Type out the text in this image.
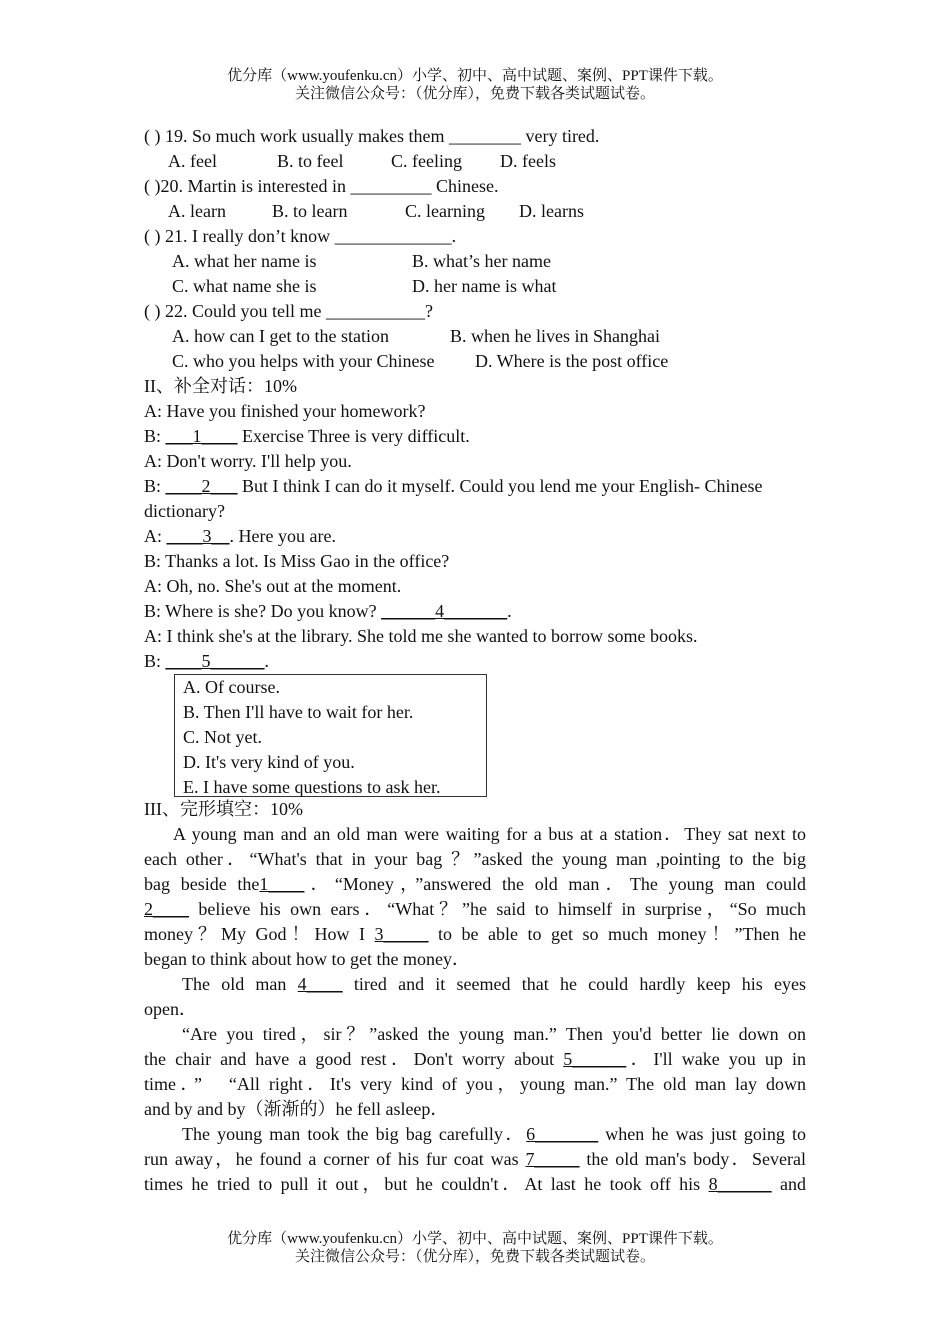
优分库（www.youfenku.cn）小学、初中、高中试题、案例、PPT课件下载。
关注微信公众号：（优分库），免费下载各类试题试卷。
( ) 19. So much work usually makes them ________ very tired.
A. feel	B. to feel	C. feeling D. feels
( )20. Martin is interested in _________ Chinese.
A. learn	B. to learn	C. learning D. learns
( ) 21. I really don’t know _____________.
A. what her name is	B. what’s her name
C. what name she is	D. her name is what
( ) 22. Could you tell me ___________?
A. how can I get to the station	B. when he lives in Shanghai
C. who you helps with your Chinese D. Where is the post office
II、补全对话：10%
A: Have you finished your homework?
B: ___1____ Exercise Three is very difficult.
A: Don't worry. I'll help you.
B: ____2___ But I think I can do it myself. Could you lend me your English- Chinese
dictionary?
A: ____3__. Here you are.
B: Thanks a lot. Is Miss Gao in the office?
A: Oh, no. She's out at the moment.
B: Where is she? Do you know? ______4_______.
A: I think she's at the library. She told me she wanted to borrow some books.
B: ____5______.
A. Of course.
B. Then I'll have to wait for her.
C. Not yet.
D. It's very kind of you.
E. I have some questions to ask her.
III、完形填空：10%
A young man and an old man were waiting for a bus at a station．They sat next to
each other．“What's that in your bag ？”asked the young man ,pointing to the big
bag beside the1____．“Money，”answered the old man．The young man could
2____ believe his own ears．“What？”he said to himself in surprise，“So much
money？My God！How I 3_____ to be able to get so much money！”Then he
began to think about how to get the money．
The old man 4____ tired and it seemed that he could hardly keep his eyes
open．
“Are you tired，sir？”asked the young man.” Then you'd better lie down on
the chair and have a good rest．Don't worry about 5______．I'll wake you up in
time．”　“All right．It's very kind of you，young man.” The old man lay down
and by and by（渐渐的）he fell asleep．
The young man took the big bag carefully．6_______ when he was just going to
run away，he found a corner of his fur coat was 7_____ the old man's body．Several
times he tried to pull it out，but he couldn't．At last he took off his 8______ and
优分库（www.youfenku.cn）小学、初中、高中试题、案例、PPT课件下载。
关注微信公众号：（优分库），免费下载各类试题试卷。
